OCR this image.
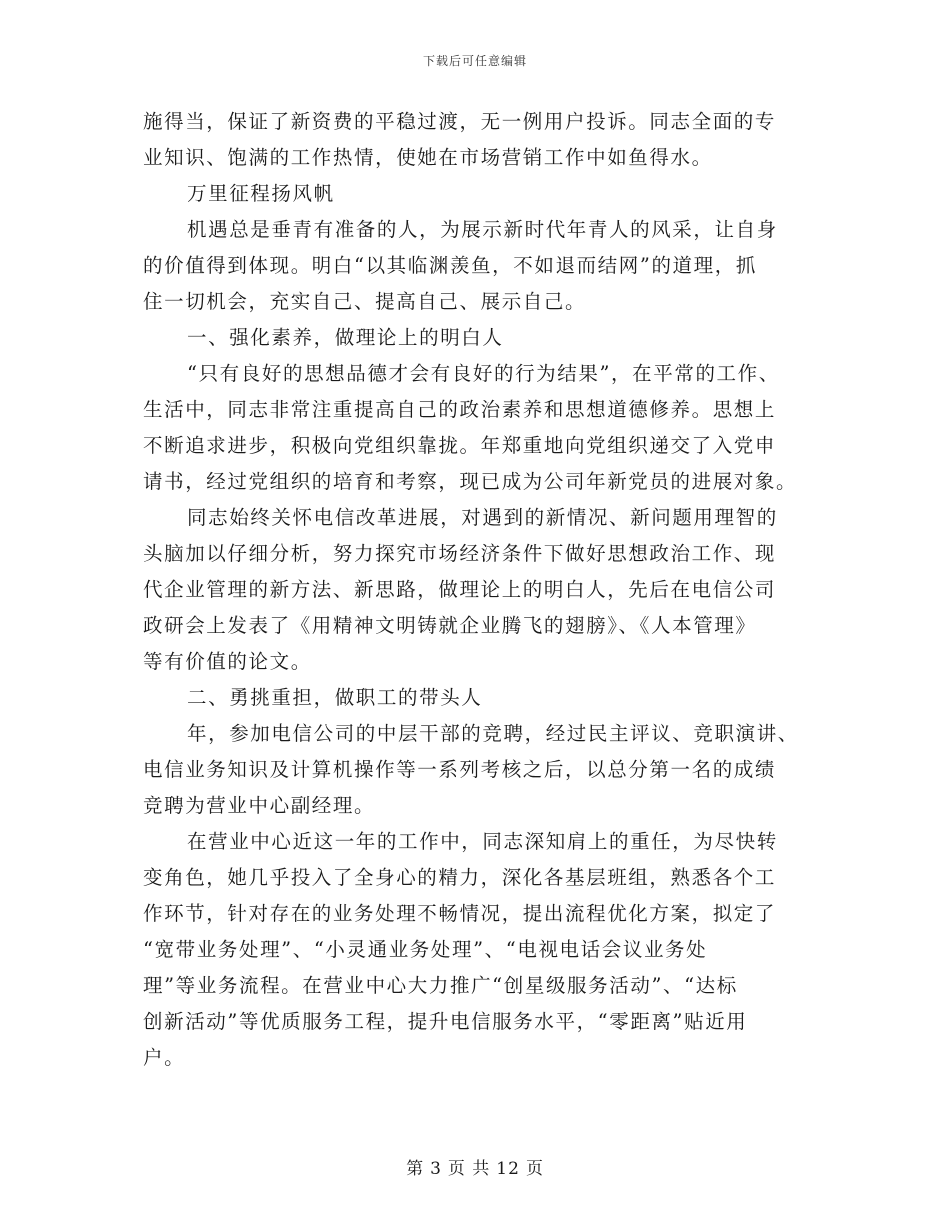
下载后可任意编辑
施得当，保证了新资费的平稳过渡，无一例用户投诉。同志全面的专
业知识、饱满的工作热情，使她在市场营销工作中如鱼得水。
万里征程扬风帆
机遇总是垂青有准备的人，为展示新时代年青人的风采，让自身
的价值得到体现。明白“以其临渊羡鱼，不如退而结网”的道理，抓
住一切机会，充实自己、提高自己、展示自己。
一、强化素养，做理论上的明白人
“只有良好的思想品德才会有良好的行为结果”，在平常的工作、
生活中，同志非常注重提高自己的政治素养和思想道德修养。思想上
不断追求进步，积极向党组织靠拢。年郑重地向党组织递交了入党申
请书，经过党组织的培育和考察，现已成为公司年新党员的进展对象。
同志始终关怀电信改革进展，对遇到的新情况、新问题用理智的
头脑加以仔细分析，努力探究市场经济条件下做好思想政治工作、现
代企业管理的新方法、新思路，做理论上的明白人，先后在电信公司
政研会上发表了《用精神文明铸就企业腾飞的翅膀》、《人本管理》
等有价值的论文。
二、勇挑重担，做职工的带头人
年，参加电信公司的中层干部的竞聘，经过民主评议、竞职演讲、
电信业务知识及计算机操作等一系列考核之后，以总分第一名的成绩
竞聘为营业中心副经理。
在营业中心近这一年的工作中，同志深知肩上的重任，为尽快转
变角色，她几乎投入了全身心的精力，深化各基层班组，熟悉各个工
作环节，针对存在的业务处理不畅情况，提出流程优化方案，拟定了
“宽带业务处理”、“小灵通业务处理”、“电视电话会议业务处
理”等业务流程。在营业中心大力推广“创星级服务活动”、“达标
创新活动”等优质服务工程，提升电信服务水平，“零距离”贴近用
户。
第 3 页 共 12 页
